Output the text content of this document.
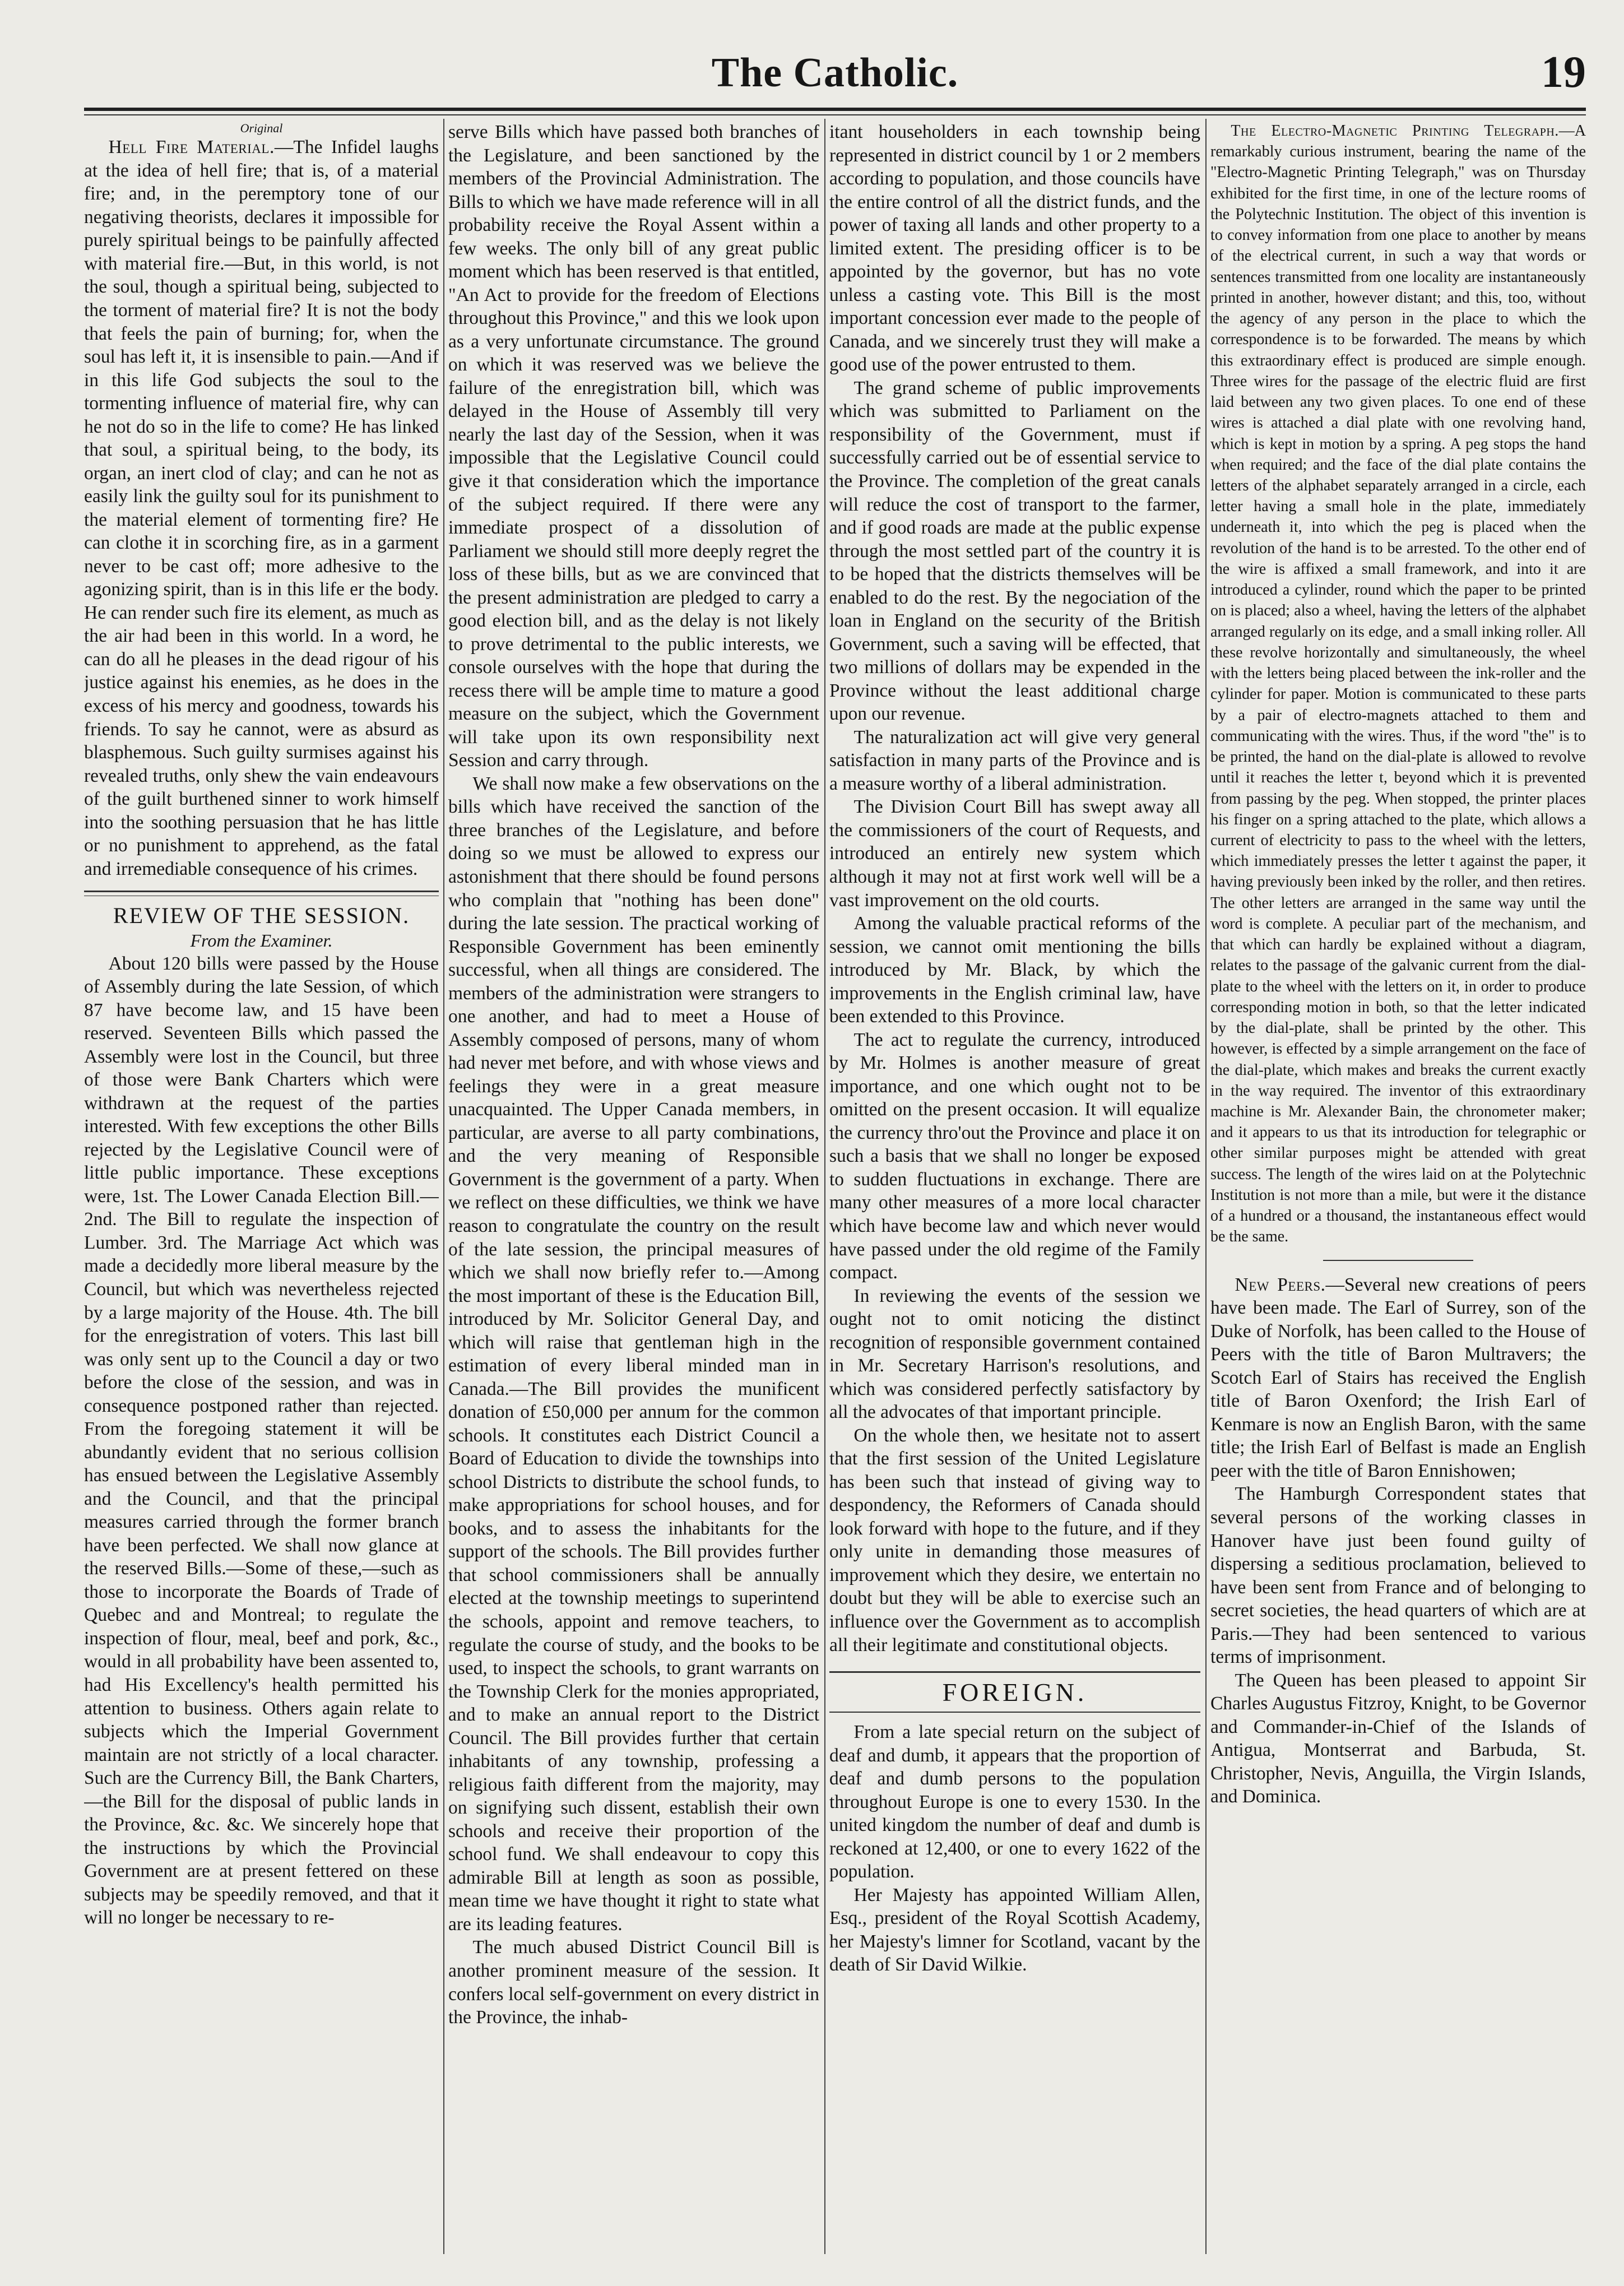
The Catholic.	19

Original

Hell Fire Material.—The Infidel laughs at the idea of hell fire; that is, of a material fire; and, in the peremptory tone of our negativing theorists, declares it impossible for purely spiritual beings to be painfully affected with material fire.—But, in this world, is not the soul, though a spiritual being, subjected to the torment of material fire? It is not the body that feels the pain of burning; for, when the soul has left it, it is insensible to pain.—And if in this life God subjects the soul to the tormenting influence of material fire, why can he not do so in the life to come? He has linked that soul, a spiritual being, to the body, its organ, an inert clod of clay; and can he not as easily link the guilty soul for its punishment to the material element of tormenting fire? He can clothe it in scorching fire, as in a garment never to be cast off; more adhesive to the agonizing spirit, than is in this life er the body. He can render such fire its element, as much as the air had been in this world. In a word, he can do all he pleases in the dead rigour of his justice against his enemies, as he does in the excess of his mercy and goodness, towards his friends. To say he cannot, were as absurd as blasphemous. Such guilty surmises against his revealed truths, only shew the vain endeavours of the guilt burthened sinner to work himself into the soothing persuasion that he has little or no punishment to apprehend, as the fatal and irremediable consequence of his crimes.

REVIEW OF THE SESSION.

From the Examiner.

About 120 bills were passed by the House of Assembly during the late Session, of which 87 have become law, and 15 have been reserved. Seventeen Bills which passed the Assembly were lost in the Council, but three of those were Bank Charters which were withdrawn at the request of the parties interested. With few exceptions the other Bills rejected by the Legislative Council were of little public importance. These exceptions were, 1st. The Lower Canada Election Bill.—2nd. The Bill to regulate the inspection of Lumber. 3rd. The Marriage Act which was made a decidedly more liberal measure by the Council, but which was nevertheless rejected by a large majority of the House. 4th. The bill for the enregistration of voters. This last bill was only sent up to the Council a day or two before the close of the session, and was in consequence postponed rather than rejected. From the foregoing statement it will be abundantly evident that no serious collision has ensued between the Legislative Assembly and the Council, and that the principal measures carried through the former branch have been perfected. We shall now glance at the reserved Bills.—Some of these,—such as those to incorporate the Boards of Trade of Quebec and and Montreal; to regulate the inspection of flour, meal, beef and pork, &c., would in all probability have been assented to, had His Excellency's health permitted his attention to business. Others again relate to subjects which the Imperial Government maintain are not strictly of a local character. Such are the Currency Bill, the Bank Charters,—the Bill for the disposal of public lands in the Province, &c. &c. We sincerely hope that the instructions by which the Provincial Government are at present fettered on these subjects may be speedily removed, and that it will no longer be necessary to re-

serve Bills which have passed both branches of the Legislature, and been sanctioned by the members of the Provincial Administration. The Bills to which we have made reference will in all probability receive the Royal Assent within a few weeks. The only bill of any great public moment which has been reserved is that entitled, "An Act to provide for the freedom of Elections throughout this Province," and this we look upon as a very unfortunate circumstance. The ground on which it was reserved was we believe the failure of the enregistration bill, which was delayed in the House of Assembly till very nearly the last day of the Session, when it was impossible that the Legislative Council could give it that consideration which the importance of the subject required. If there were any immediate prospect of a dissolution of Parliament we should still more deeply regret the loss of these bills, but as we are convinced that the present administration are pledged to carry a good election bill, and as the delay is not likely to prove detrimental to the public interests, we console ourselves with the hope that during the recess there will be ample time to mature a good measure on the subject, which the Government will take upon its own responsibility next Session and carry through.

We shall now make a few observations on the bills which have received the sanction of the three branches of the Legislature, and before doing so we must be allowed to express our astonishment that there should be found persons who complain that "nothing has been done" during the late session. The practical working of Responsible Government has been eminently successful, when all things are considered. The members of the administration were strangers to one another, and had to meet a House of Assembly composed of persons, many of whom had never met before, and with whose views and feelings they were in a great measure unacquainted. The Upper Canada members, in particular, are averse to all party combinations, and the very meaning of Responsible Government is the government of a party. When we reflect on these difficulties, we think we have reason to congratulate the country on the result of the late session, the principal measures of which we shall now briefly refer to.—Among the most important of these is the Education Bill, introduced by Mr. Solicitor General Day, and which will raise that gentleman high in the estimation of every liberal minded man in Canada.—The Bill provides the munificent donation of £50,000 per annum for the common schools. It constitutes each District Council a Board of Education to divide the townships into school Districts to distribute the school funds, to make appropriations for school houses, and for books, and to assess the inhabitants for the support of the schools. The Bill provides further that school commissioners shall be annually elected at the township meetings to superintend the schools, appoint and remove teachers, to regulate the course of study, and the books to be used, to inspect the schools, to grant warrants on the Township Clerk for the monies appropriated, and to make an annual report to the District Council. The Bill provides further that certain inhabitants of any township, professing a religious faith different from the majority, may on signifying such dissent, establish their own schools and receive their proportion of the school fund. We shall endeavour to copy this admirable Bill at length as soon as possible, mean time we have thought it right to state what are its leading features.

The much abused District Council Bill is another prominent measure of the session. It confers local self-government on every district in the Province, the inhab-

itant householders in each township being represented in district council by 1 or 2 members according to population, and those councils have the entire control of all the district funds, and the power of taxing all lands and other property to a limited extent. The presiding officer is to be appointed by the governor, but has no vote unless a casting vote. This Bill is the most important concession ever made to the people of Canada, and we sincerely trust they will make a good use of the power entrusted to them.

The grand scheme of public improvements which was submitted to Parliament on the responsibility of the Government, must if successfully carried out be of essential service to the Province. The completion of the great canals will reduce the cost of transport to the farmer, and if good roads are made at the public expense through the most settled part of the country it is to be hoped that the districts themselves will be enabled to do the rest. By the negociation of the loan in England on the security of the British Government, such a saving will be effected, that two millions of dollars may be expended in the Province without the least additional charge upon our revenue.

The naturalization act will give very general satisfaction in many parts of the Province and is a measure worthy of a liberal administration.

The Division Court Bill has swept away all the commissioners of the court of Requests, and introduced an entirely new system which although it may not at first work well will be a vast improvement on the old courts.

Among the valuable practical reforms of the session, we cannot omit mentioning the bills introduced by Mr. Black, by which the improvements in the English criminal law, have been extended to this Province.

The act to regulate the currency, introduced by Mr. Holmes is another measure of great importance, and one which ought not to be omitted on the present occasion. It will equalize the currency thro'out the Province and place it on such a basis that we shall no longer be exposed to sudden fluctuations in exchange. There are many other measures of a more local character which have become law and which never would have passed under the old regime of the Family compact.

In reviewing the events of the session we ought not to omit noticing the distinct recognition of responsible government contained in Mr. Secretary Harrison's resolutions, and which was considered perfectly satisfactory by all the advocates of that important principle.

On the whole then, we hesitate not to assert that the first session of the United Legislature has been such that instead of giving way to despondency, the Reformers of Canada should look forward with hope to the future, and if they only unite in demanding those measures of improvement which they desire, we entertain no doubt but they will be able to exercise such an influence over the Government as to accomplish all their legitimate and constitutional objects.

FOREIGN.

From a late special return on the subject of deaf and dumb, it appears that the proportion of deaf and dumb persons to the population throughout Europe is one to every 1530. In the united kingdom the number of deaf and dumb is reckoned at 12,400, or one to every 1622 of the population.

Her Majesty has appointed William Allen, Esq., president of the Royal Scottish Academy, her Majesty's limner for Scotland, vacant by the death of Sir David Wilkie.

The Electro-Magnetic Printing Telegraph.—A remarkably curious instrument, bearing the name of the "Electro-Magnetic Printing Telegraph," was on Thursday exhibited for the first time, in one of the lecture rooms of the Polytechnic Institution. The object of this invention is to convey information from one place to another by means of the electrical current, in such a way that words or sentences transmitted from one locality are instantaneously printed in another, however distant; and this, too, without the agency of any person in the place to which the correspondence is to be forwarded. The means by which this extraordinary effect is produced are simple enough. Three wires for the passage of the electric fluid are first laid between any two given places. To one end of these wires is attached a dial plate with one revolving hand, which is kept in motion by a spring. A peg stops the hand when required; and the face of the dial plate contains the letters of the alphabet separately arranged in a circle, each letter having a small hole in the plate, immediately underneath it, into which the peg is placed when the revolution of the hand is to be arrested. To the other end of the wire is affixed a small framework, and into it are introduced a cylinder, round which the paper to be printed on is placed; also a wheel, having the letters of the alphabet arranged regularly on its edge, and a small inking roller. All these revolve horizontally and simultaneously, the wheel with the letters being placed between the ink-roller and the cylinder for paper. Motion is communicated to these parts by a pair of electro-magnets attached to them and communicating with the wires. Thus, if the word "the" is to be printed, the hand on the dial-plate is allowed to revolve until it reaches the letter t, beyond which it is prevented from passing by the peg. When stopped, the printer places his finger on a spring attached to the plate, which allows a current of electricity to pass to the wheel with the letters, which immediately presses the letter t against the paper, it having previously been inked by the roller, and then retires. The other letters are arranged in the same way until the word is complete. A peculiar part of the mechanism, and that which can hardly be explained without a diagram, relates to the passage of the galvanic current from the dial-plate to the wheel with the letters on it, in order to produce corresponding motion in both, so that the letter indicated by the dial-plate, shall be printed by the other. This however, is effected by a simple arrangement on the face of the dial-plate, which makes and breaks the current exactly in the way required. The inventor of this extraordinary machine is Mr. Alexander Bain, the chronometer maker; and it appears to us that its introduction for telegraphic or other similar purposes might be attended with great success. The length of the wires laid on at the Polytechnic Institution is not more than a mile, but were it the distance of a hundred or a thousand, the instantaneous effect would be the same.

New Peers.—Several new creations of peers have been made. The Earl of Surrey, son of the Duke of Norfolk, has been called to the House of Peers with the title of Baron Multravers; the Scotch Earl of Stairs has received the English title of Baron Oxenford; the Irish Earl of Kenmare is now an English Baron, with the same title; the Irish Earl of Belfast is made an English peer with the title of Baron Ennishowen;

The Hamburgh Correspondent states that several persons of the working classes in Hanover have just been found guilty of dispersing a seditious proclamation, believed to have been sent from France and of belonging to secret societies, the head quarters of which are at Paris.—They had been sentenced to various terms of imprisonment.

The Queen has been pleased to appoint Sir Charles Augustus Fitzroy, Knight, to be Governor and Commander-in-Chief of the Islands of Antigua, Montserrat and Barbuda, St. Christopher, Nevis, Anguilla, the Virgin Islands, and Dominica.
